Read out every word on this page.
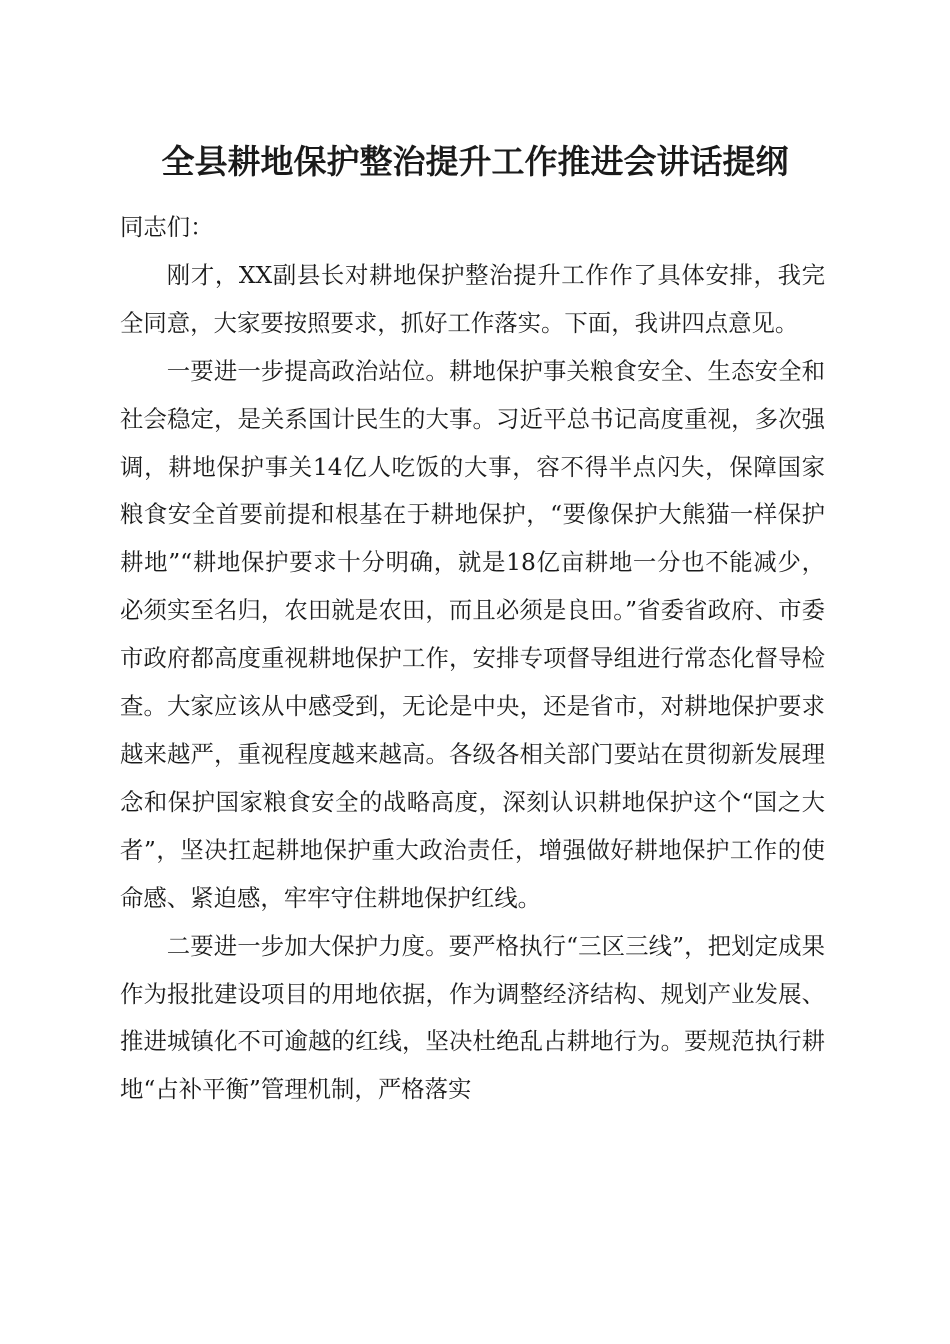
全县耕地保护整治提升工作推进会讲话提纲

同志们：

刚才，XX副县长对耕地保护整治提升工作作了具体安排，我完全同意，大家要按照要求，抓好工作落实。下面，我讲四点意见。

一要进一步提高政治站位。耕地保护事关粮食安全、生态安全和社会稳定，是关系国计民生的大事。习近平总书记高度重视，多次强调，耕地保护事关14亿人吃饭的大事，容不得半点闪失，保障国家粮食安全首要前提和根基在于耕地保护，“要像保护大熊猫一样保护耕地”“耕地保护要求十分明确，就是18亿亩耕地一分也不能减少，必须实至名归，农田就是农田，而且必须是良田。”省委省政府、市委市政府都高度重视耕地保护工作，安排专项督导组进行常态化督导检查。大家应该从中感受到，无论是中央，还是省市，对耕地保护要求越来越严，重视程度越来越高。各级各相关部门要站在贯彻新发展理念和保护国家粮食安全的战略高度，深刻认识耕地保护这个“国之大者”，坚决扛起耕地保护重大政治责任，增强做好耕地保护工作的使命感、紧迫感，牢牢守住耕地保护红线。

二要进一步加大保护力度。要严格执行“三区三线”，把划定成果作为报批建设项目的用地依据，作为调整经济结构、规划产业发展、推进城镇化不可逾越的红线，坚决杜绝乱占耕地行为。要规范执行耕地“占补平衡”管理机制，严格落实
